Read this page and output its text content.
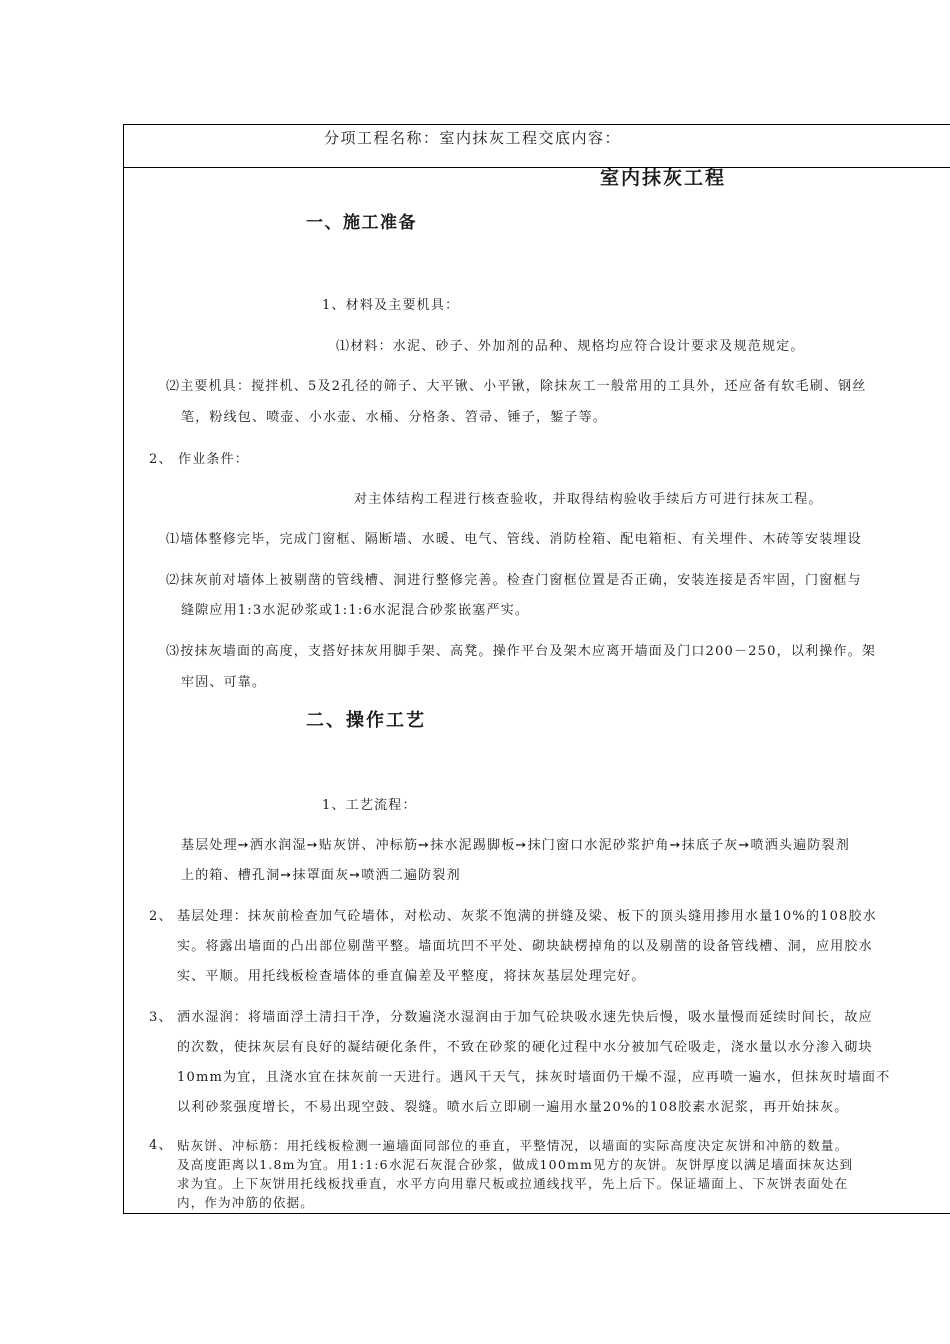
分项工程名称：室内抹灰工程交底内容：
室内抹灰工程
一、施工准备
1、材料及主要机具：
⑴材料：水泥、砂子、外加剂的品种、规格均应符合设计要求及规范规定。
⑵主要机具：搅拌机、5及2孔径的筛子、大平锹、小平锹，除抹灰工一般常用的工具外，还应备有软毛刷、钢丝
笔，粉线包、喷壶、小水壶、水桶、分格条、笤帚、锤子，錾子等。
2、 作业条件：
对主体结构工程进行核查验收，并取得结构验收手续后方可进行抹灰工程。
⑴墙体整修完毕，完成门窗框、隔断墙、水暖、电气、管线、消防栓箱、配电箱柜、有关埋件、木砖等安装埋设
⑵抹灰前对墙体上被剔凿的管线槽、洞进行整修完善。检查门窗框位置是否正确，安装连接是否牢固，门窗框与
缝隙应用1:3水泥砂浆或1:1:6水泥混合砂浆嵌塞严实。
⑶按抹灰墙面的高度，支搭好抹灰用脚手架、高凳。操作平台及架木应离开墙面及门口200－250，以利操作。架
牢固、可靠。
二、操作工艺
1、工艺流程：
基层处理➙洒水润湿➙贴灰饼、冲标筋➙抹水泥踢脚板➙抹门窗口水泥砂浆护角➙抹底子灰➙喷洒头遍防裂剂
上的箱、槽孔洞➙抹罩面灰➙喷洒二遍防裂剂
2、 基层处理：抹灰前检查加气砼墙体，对松动、灰浆不饱满的拼缝及梁、板下的顶头缝用掺用水量10%的108胶水
实。将露出墙面的凸出部位剔凿平整。墙面坑凹不平处、砌块缺楞掉角的以及剔凿的设备管线槽、洞，应用胶水
实、平顺。用托线板检查墙体的垂直偏差及平整度，将抹灰基层处理完好。
3、 洒水湿润：将墙面浮土清扫干净，分数遍浇水湿润由于加气砼块吸水速先快后慢，吸水量慢而延续时间长，故应
的次数，使抹灰层有良好的凝结硬化条件，不致在砂浆的硬化过程中水分被加气砼吸走，浇水量以水分渗入砌块
10mm为宜，且浇水宜在抹灰前一天进行。遇风干天气，抹灰时墙面仍干燥不湿，应再喷一遍水，但抹灰时墙面不
以利砂浆强度增长，不易出现空鼓、裂缝。喷水后立即刷一遍用水量20%的108胶素水泥浆，再开始抹灰。
4、 贴灰饼、冲标筋：用托线板检测一遍墙面同部位的垂直，平整情况，以墙面的实际高度决定灰饼和冲筋的数量。
及高度距离以1.8m为宜。用1:1:6水泥石灰混合砂浆，做成100mm见方的灰饼。灰饼厚度以满足墙面抹灰达到
求为宜。上下灰饼用托线板找垂直，水平方向用靠尺板或拉通线找平，先上后下。保证墙面上、下灰饼表面处在
内，作为冲筋的依据。
